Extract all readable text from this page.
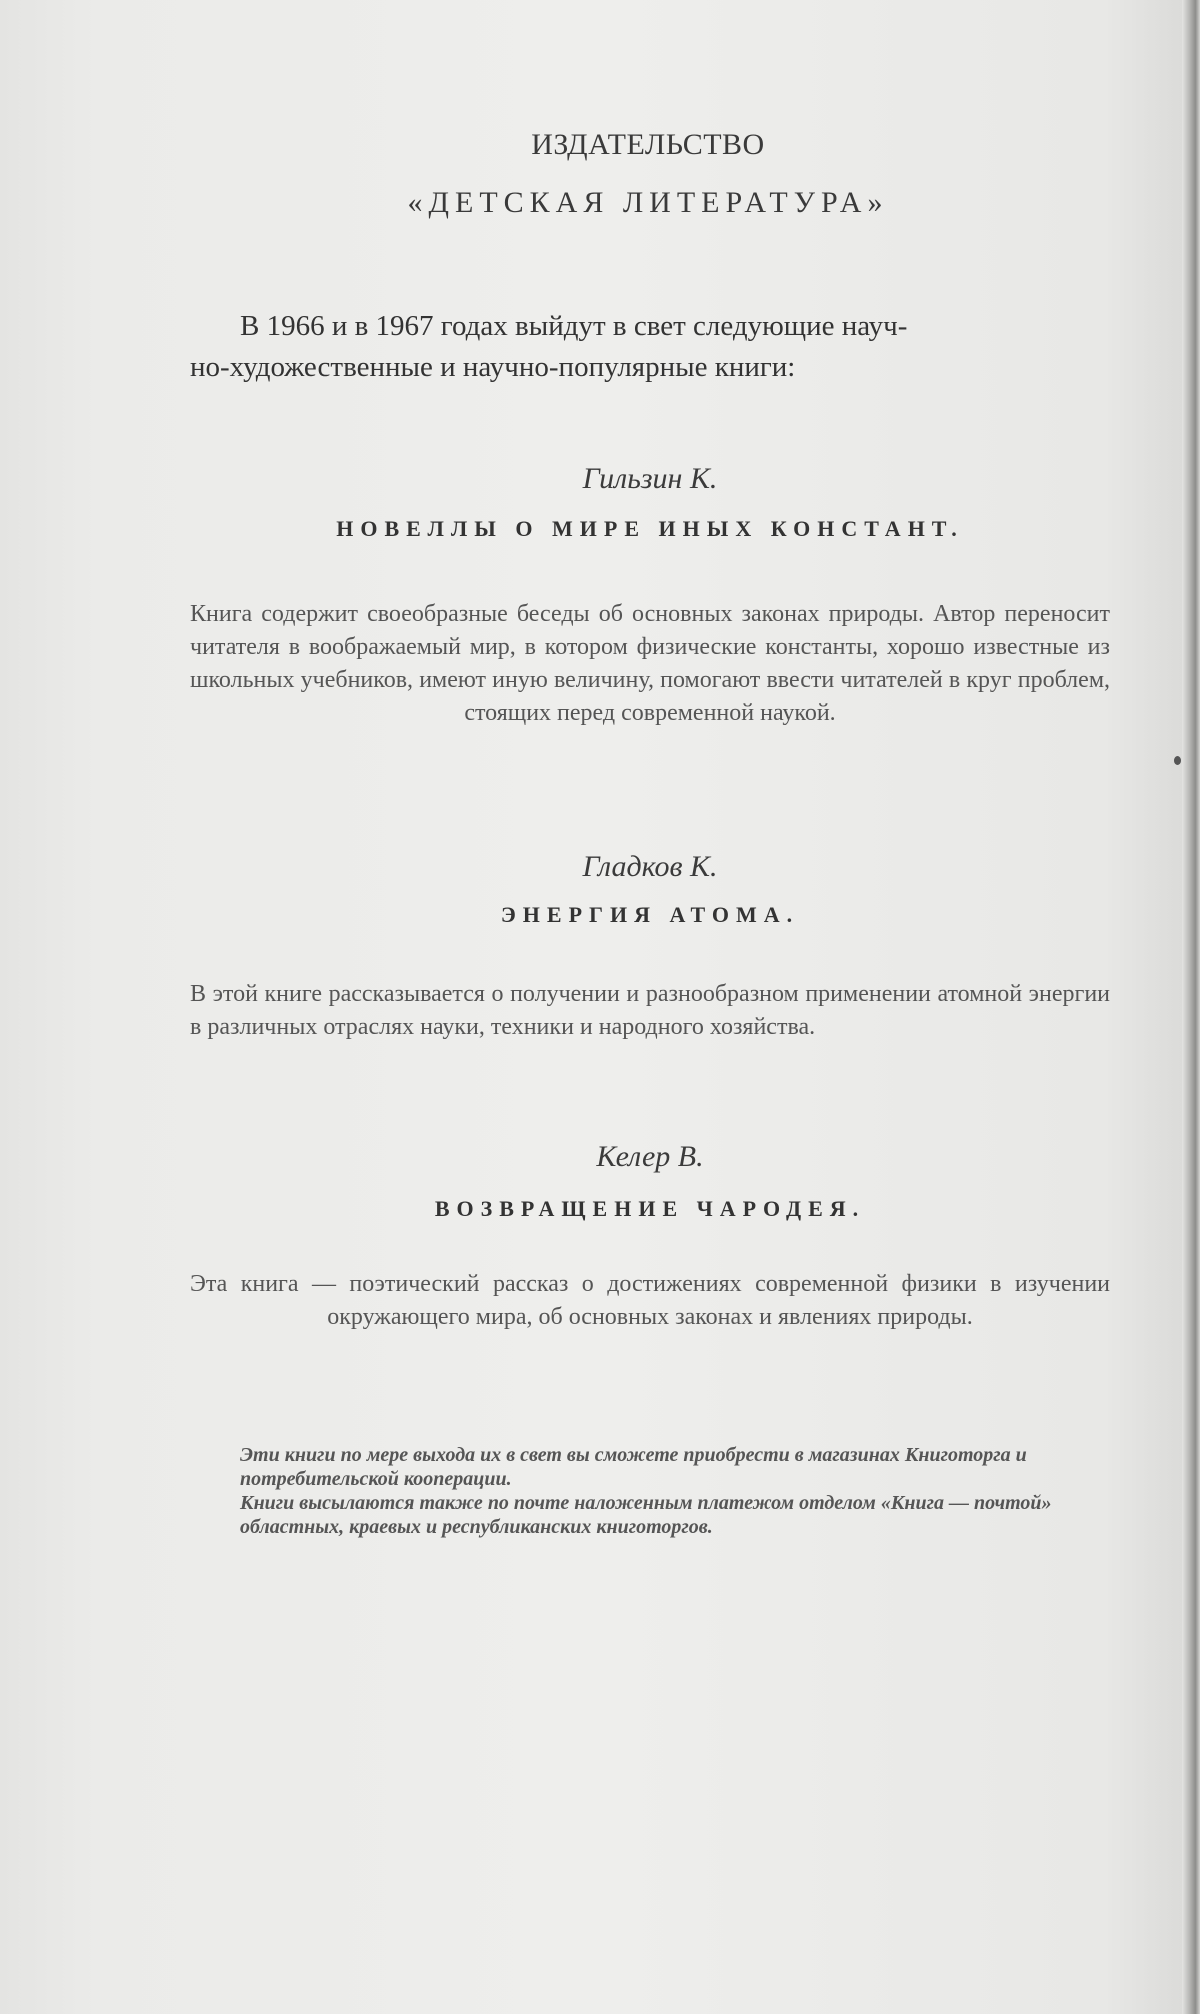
ИЗДАТЕЛЬСТВО
«ДЕТСКАЯ ЛИТЕРАТУРА»
В 1966 и в 1967 годах выйдут в свет следующие науч-
но-художественные и научно-популярные книги:
Гильзин К.
НОВЕЛЛЫ О МИРЕ ИНЫХ КОНСТАНТ.
Книга содержит своеобразные беседы об основных законах природы. Автор переносит читателя в воображаемый мир, в котором физические константы, хорошо известные из школьных учебников, имеют иную величину, помогают ввести читателей в круг проблем, стоящих перед современной наукой.
Гладков К.
ЭНЕРГИЯ АТОМА.
В этой книге рассказывается о получении и разнообразном применении атомной энергии в различных отраслях науки, техники и народного хозяйства.
Келер В.
ВОЗВРАЩЕНИЕ ЧАРОДЕЯ.
Эта книга — поэтический рассказ о достижениях современной физики в изучении окружающего мира, об основных законах и явлениях природы.

Эти книги по мере выхода их в свет вы сможете приобрести в магазинах Книготорга и потребительской кооперации.

Книги высылаются также по почте наложенным платежом отделом «Книга — почтой» областных, краевых и республиканских книготоргов.
